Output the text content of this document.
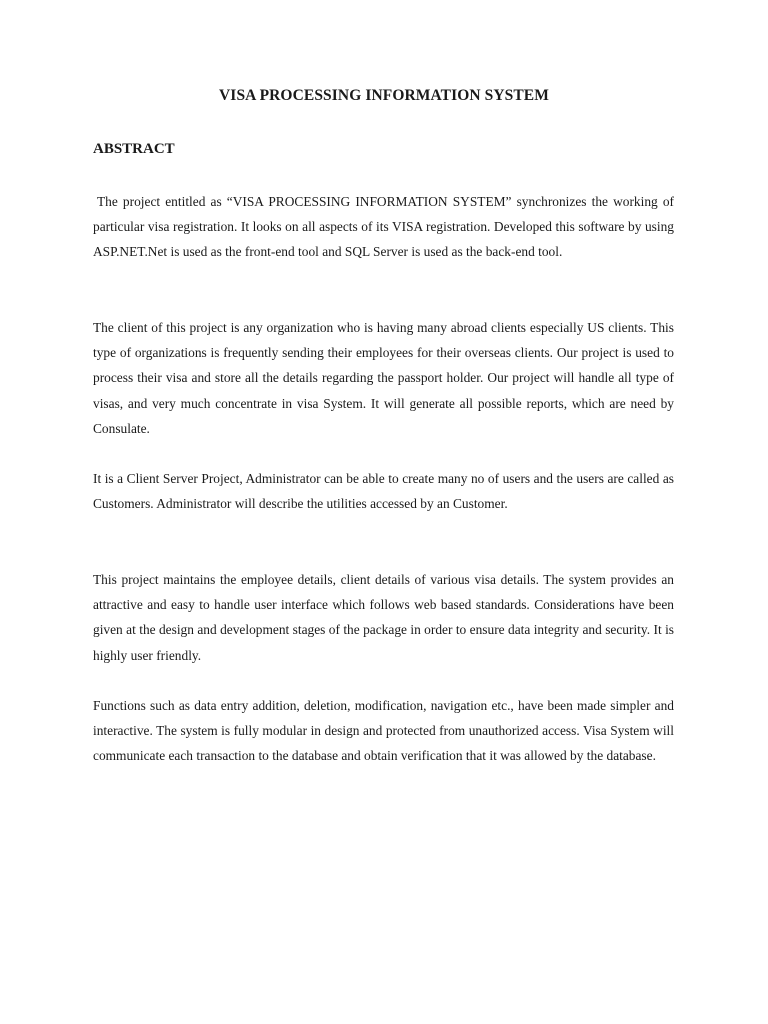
VISA PROCESSING INFORMATION SYSTEM
ABSTRACT

The project entitled as “VISA PROCESSING INFORMATION SYSTEM” synchronizes the working of particular visa registration. It looks on all aspects of its VISA registration. Developed this software by using ASP.NET.Net is used as the front-end tool and SQL Server is used as the back-end tool.

The client of this project is any organization who is having many abroad clients especially US clients. This type of organizations is frequently sending their employees for their overseas clients. Our project is used to process their visa and store all the details regarding the passport holder. Our project will handle all type of visas, and very much concentrate in visa System. It will generate all possible reports, which are need by Consulate.

It is a Client Server Project, Administrator can be able to create many no of users and the users are called as Customers. Administrator will describe the utilities accessed by an Customer.

This project maintains the employee details, client details of various visa details. The system provides an attractive and easy to handle user interface which follows web based standards. Considerations have been given at the design and development stages of the package in order to ensure data integrity and security. It is highly user friendly.

Functions such as data entry addition, deletion, modification, navigation etc., have been made simpler and interactive. The system is fully modular in design and protected from unauthorized access. Visa System will communicate each transaction to the database and obtain verification that it was allowed by the database.
